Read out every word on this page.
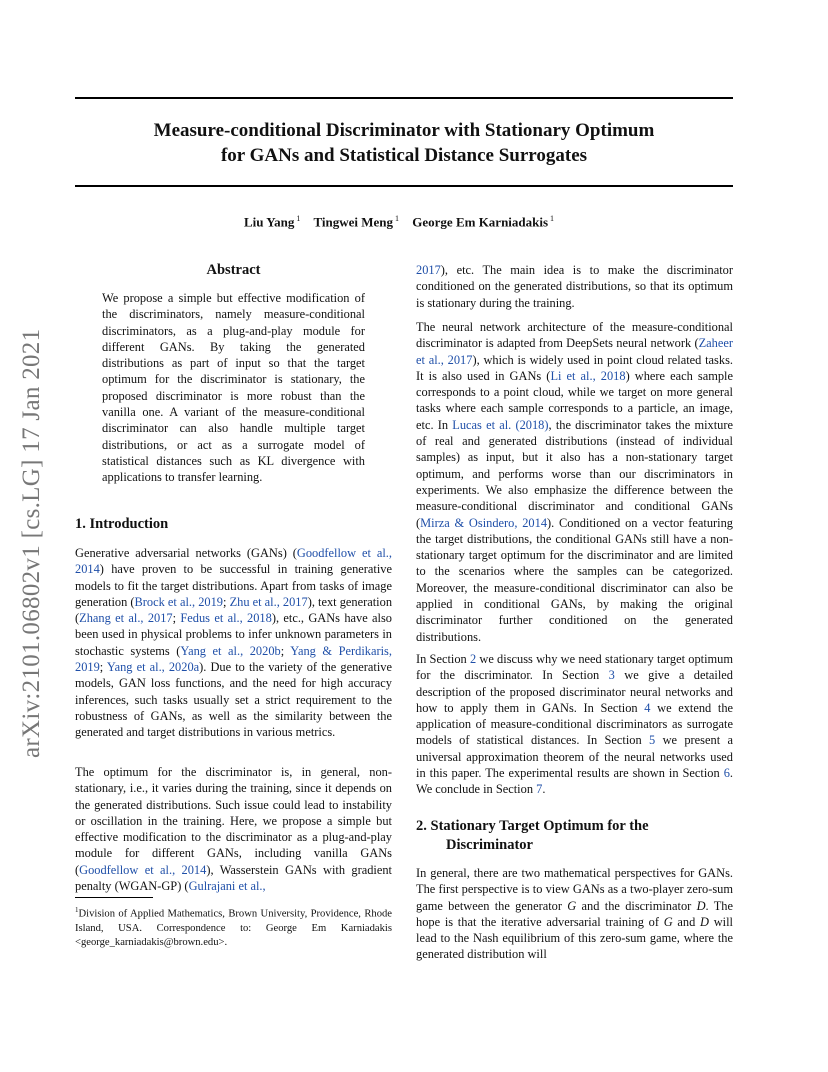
Measure-conditional Discriminator with Stationary Optimum
for GANs and Statistical Distance Surrogates
Liu Yang $^1$ Tingwei Meng $^1$ George Em Karniadakis $^1$
arXiv:2101.06802v1 [cs.LG] 17 Jan 2021
Abstract
We propose a simple but effective modification of the discriminators, namely measure-conditional discriminators, as a plug-and-play module for different GANs. By taking the generated distributions as part of input so that the target optimum for the discriminator is stationary, the proposed discriminator is more robust than the vanilla one. A variant of the measure-conditional discriminator can also handle multiple target distributions, or act as a surrogate model of statistical distances such as KL divergence with applications to transfer learning.
1. Introduction

Generative adversarial networks (GANs) (Goodfellow et al., 2014) have proven to be successful in training generative models to fit the target distributions. Apart from tasks of image generation (Brock et al., 2019; Zhu et al., 2017), text generation (Zhang et al., 2017; Fedus et al., 2018), etc., GANs have also been used in physical problems to infer unknown parameters in stochastic systems (Yang et al., 2020b; Yang & Perdikaris, 2019; Yang et al., 2020a). Due to the variety of the generative models, GAN loss functions, and the need for high accuracy inferences, such tasks usually set a strict requirement to the robustness of GANs, as well as the similarity between the generated and target distributions in various metrics.

The optimum for the discriminator is, in general, non-stationary, i.e., it varies during the training, since it depends on the generated distributions. Such issue could lead to instability or oscillation in the training. Here, we propose a simple but effective modification to the discriminator as a plug-and-play module for different GANs, including vanilla GANs (Goodfellow et al., 2014), Wasserstein GANs with gradient penalty (WGAN-GP) (Gulrajani et al.,

$^1$Division of Applied Mathematics, Brown University, Providence, Rhode Island, USA. Correspondence to: George Em Karniadakis <george_karniadakis@brown.edu>.

2017), etc. The main idea is to make the discriminator conditioned on the generated distributions, so that its optimum is stationary during the training.

The neural network architecture of the measure-conditional discriminator is adapted from DeepSets neural network (Zaheer et al., 2017), which is widely used in point cloud related tasks. It is also used in GANs (Li et al., 2018) where each sample corresponds to a point cloud, while we target on more general tasks where each sample corresponds to a particle, an image, etc. In Lucas et al. (2018), the discriminator takes the mixture of real and generated distributions (instead of individual samples) as input, but it also has a non-stationary target optimum, and performs worse than our discriminators in experiments. We also emphasize the difference between the measure-conditional discriminator and conditional GANs (Mirza & Osindero, 2014). Conditioned on a vector featuring the target distributions, the conditional GANs still have a non-stationary target optimum for the discriminator and are limited to the scenarios where the samples can be categorized. Moreover, the measure-conditional discriminator can also be applied in conditional GANs, by making the original discriminator further conditioned on the generated distributions.

In Section 2 we discuss why we need stationary target optimum for the discriminator. In Section 3 we give a detailed description of the proposed discriminator neural networks and how to apply them in GANs. In Section 4 we extend the application of measure-conditional discriminators as surrogate models of statistical distances. In Section 5 we present a universal approximation theorem of the neural networks used in this paper. The experimental results are shown in Section 6. We conclude in Section 7.

2. Stationary Target Optimum for the
Discriminator

In general, there are two mathematical perspectives for GANs. The first perspective is to view GANs as a two-player zero-sum game between the generator G and the discriminator D. The hope is that the iterative adversarial training of G and D will lead to the Nash equilibrium of this zero-sum game, where the generated distribution will
